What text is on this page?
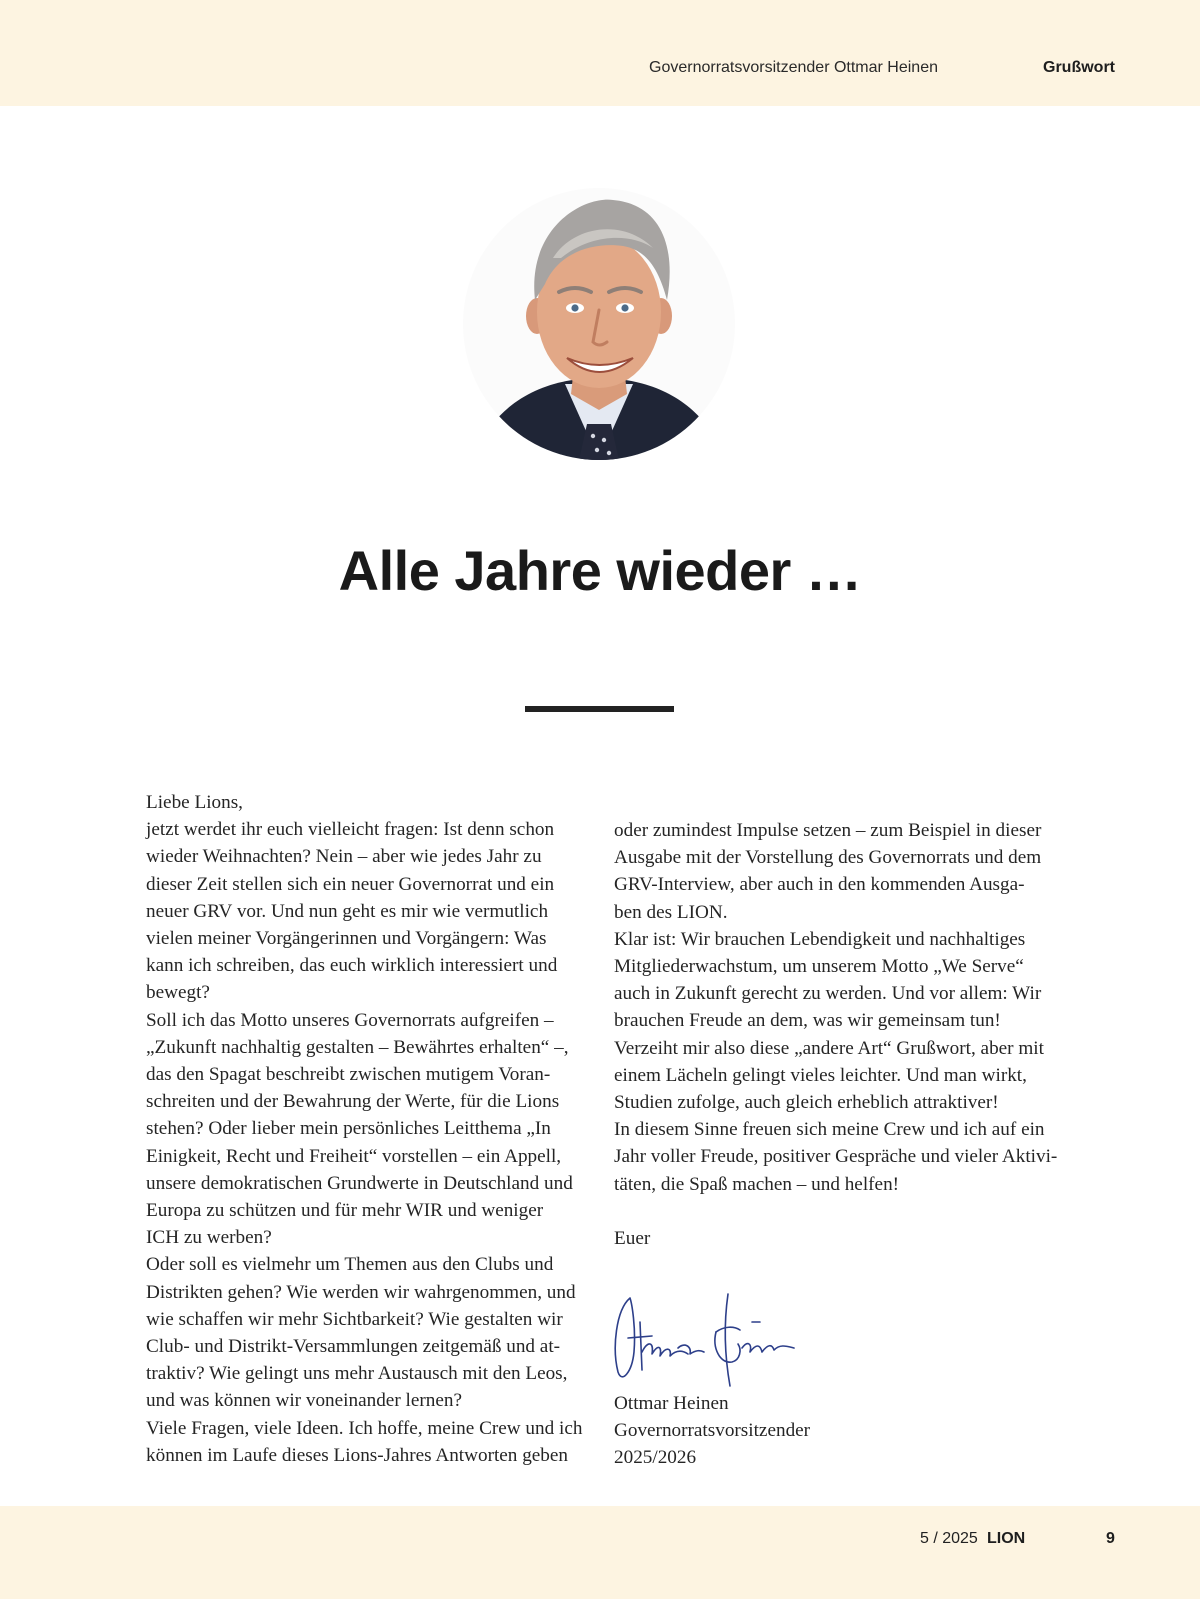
Governorratsvorsitzender Ottmar Heinen	Grußwort
Alle Jahre wieder …

Liebe Lions,

jetzt werdet ihr euch vielleicht fragen: Ist denn schon

wieder Weihnachten? Nein – aber wie jedes Jahr zu

dieser Zeit stellen sich ein neuer Governorrat und ein

neuer GRV vor. Und nun geht es mir wie vermutlich

vielen meiner Vorgängerinnen und Vorgängern: Was

kann ich schreiben, das euch wirklich interessiert und

bewegt?

Soll ich das Motto unseres Governorrats aufgreifen –

„Zukunft nachhaltig gestalten – Bewährtes erhalten“ –,

das den Spagat beschreibt zwischen mutigem Voran-

schreiten und der Bewahrung der Werte, für die Lions

stehen? Oder lieber mein persönliches Leitthema „In

Einigkeit, Recht und Freiheit“ vorstellen – ein Appell,

unsere demokratischen Grundwerte in Deutschland und

Europa zu schützen und für mehr WIR und weniger

ICH zu werben?

Oder soll es vielmehr um Themen aus den Clubs und

Distrikten gehen? Wie werden wir wahrgenommen, und

wie schaffen wir mehr Sichtbarkeit? Wie gestalten wir

Club- und Distrikt-Versammlungen zeitgemäß und at-

traktiv? Wie gelingt uns mehr Austausch mit den Leos,

und was können wir voneinander lernen?

Viele Fragen, viele Ideen. Ich hoffe, meine Crew und ich

können im Laufe dieses Lions-Jahres Antworten geben

oder zumindest Impulse setzen – zum Beispiel in dieser

Ausgabe mit der Vorstellung des Governorrats und dem

GRV-Interview, aber auch in den kommenden Ausga-

ben des LION.

Klar ist: Wir brauchen Lebendigkeit und nachhaltiges

Mitgliederwachstum, um unserem Motto „We Serve“

auch in Zukunft gerecht zu werden. Und vor allem: Wir

brauchen Freude an dem, was wir gemeinsam tun!

Verzeiht mir also diese „andere Art“ Grußwort, aber mit

einem Lächeln gelingt vieles leichter. Und man wirkt,

Studien zufolge, auch gleich erheblich attraktiver!

In diesem Sinne freuen sich meine Crew und ich auf ein

Jahr voller Freude, positiver Gespräche und vieler Aktivi-

täten, die Spaß machen – und helfen!

Euer

Ottmar Heinen
Governorratsvorsitzender
2025/2026
5 / 2025 LION	9
